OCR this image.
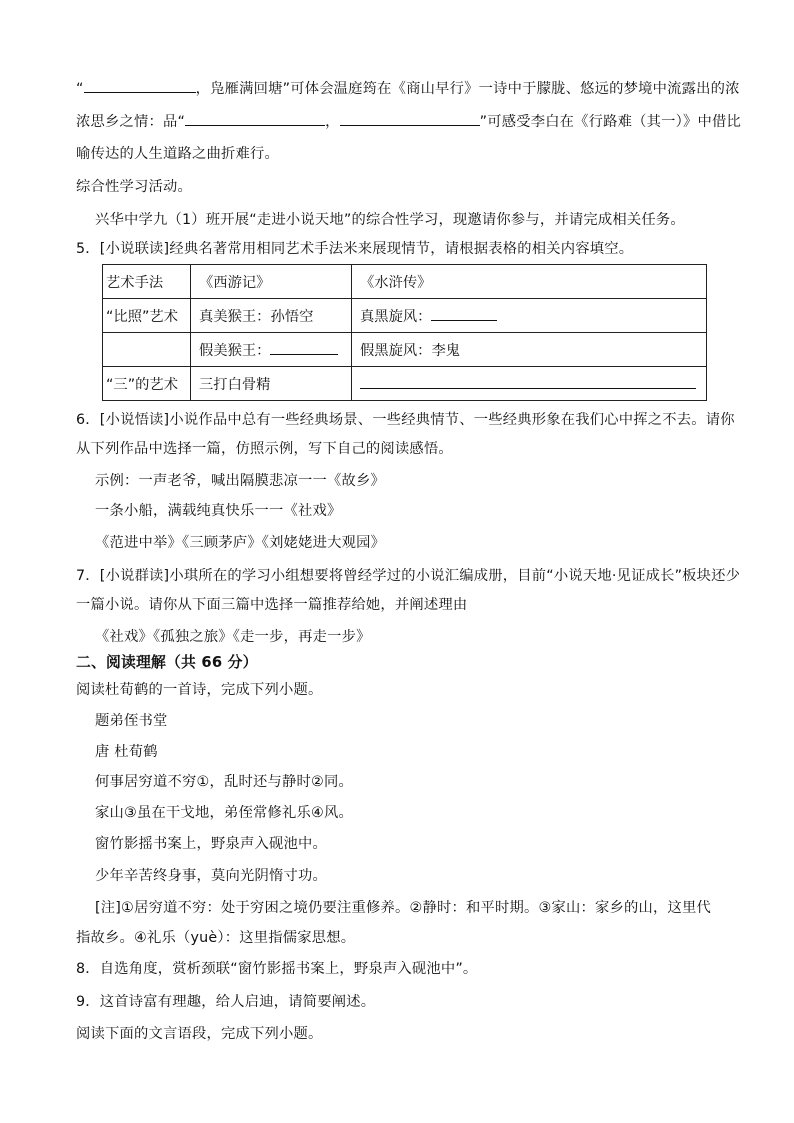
“	，凫雁满回塘”可体会温庭筠在《商山早行》一诗中于朦胧、悠远的梦境中流露出的浓
浓思乡之情：品“	，	”可感受李白在《行路难（其一）》中借比
喻传达的人生道路之曲折难行。
综合性学习活动。
兴华中学九（1）班开展“走进小说天地”的综合性学习，现邀请你参与，并请完成相关任务。
5．[小说联读]经典名著常用相同艺术手法米来展现情节，请根据表格的相关内容填空。
艺术手法	《西游记》	《水浒传》
“比照”艺术	真美猴王：孙悟空	真黑旋风：
	假美猴王：	假黑旋风：李鬼
“三”的艺术	三打白骨精	
6．[小说悟读]小说作品中总有一些经典场景、一些经典情节、一些经典形象在我们心中挥之不去。请你
从下列作品中选择一篇，仿照示例，写下自己的阅读感悟。
示例：一声老爷，喊出隔膜悲凉一一《故乡》
一条小船，满载纯真快乐一一《社戏》
《范进中举》《三顾茅庐》《刘姥姥进大观园》
7．[小说群读]小琪所在的学习小组想要将曾经学过的小说汇编成册，目前“小说天地·见证成长”板块还少
一篇小说。请你从下面三篇中选择一篇推荐给她，并阐述理由
《社戏》《孤独之旅》《走一步，再走一步》
二、阅读理解（共 66 分）
阅读杜荀鹤的一首诗，完成下列小题。
题弟侄书堂
唐 杜荀鹤
何事居穷道不穷①，乱时还与静时②同。
家山③虽在干戈地，弟侄常修礼乐④风。
窗竹影摇书案上，野泉声入砚池中。
少年辛苦终身事，莫向光阴惰寸功。
[注]①居穷道不穷：处于穷困之境仍要注重修养。②静时：和平时期。③家山：家乡的山，这里代
指故乡。④礼乐（yuè）：这里指儒家思想。
8．自选角度，赏析颈联“窗竹影摇书案上，野泉声入砚池中”。
9．这首诗富有理趣，给人启迪，请简要阐述。
阅读下面的文言语段，完成下列小题。
